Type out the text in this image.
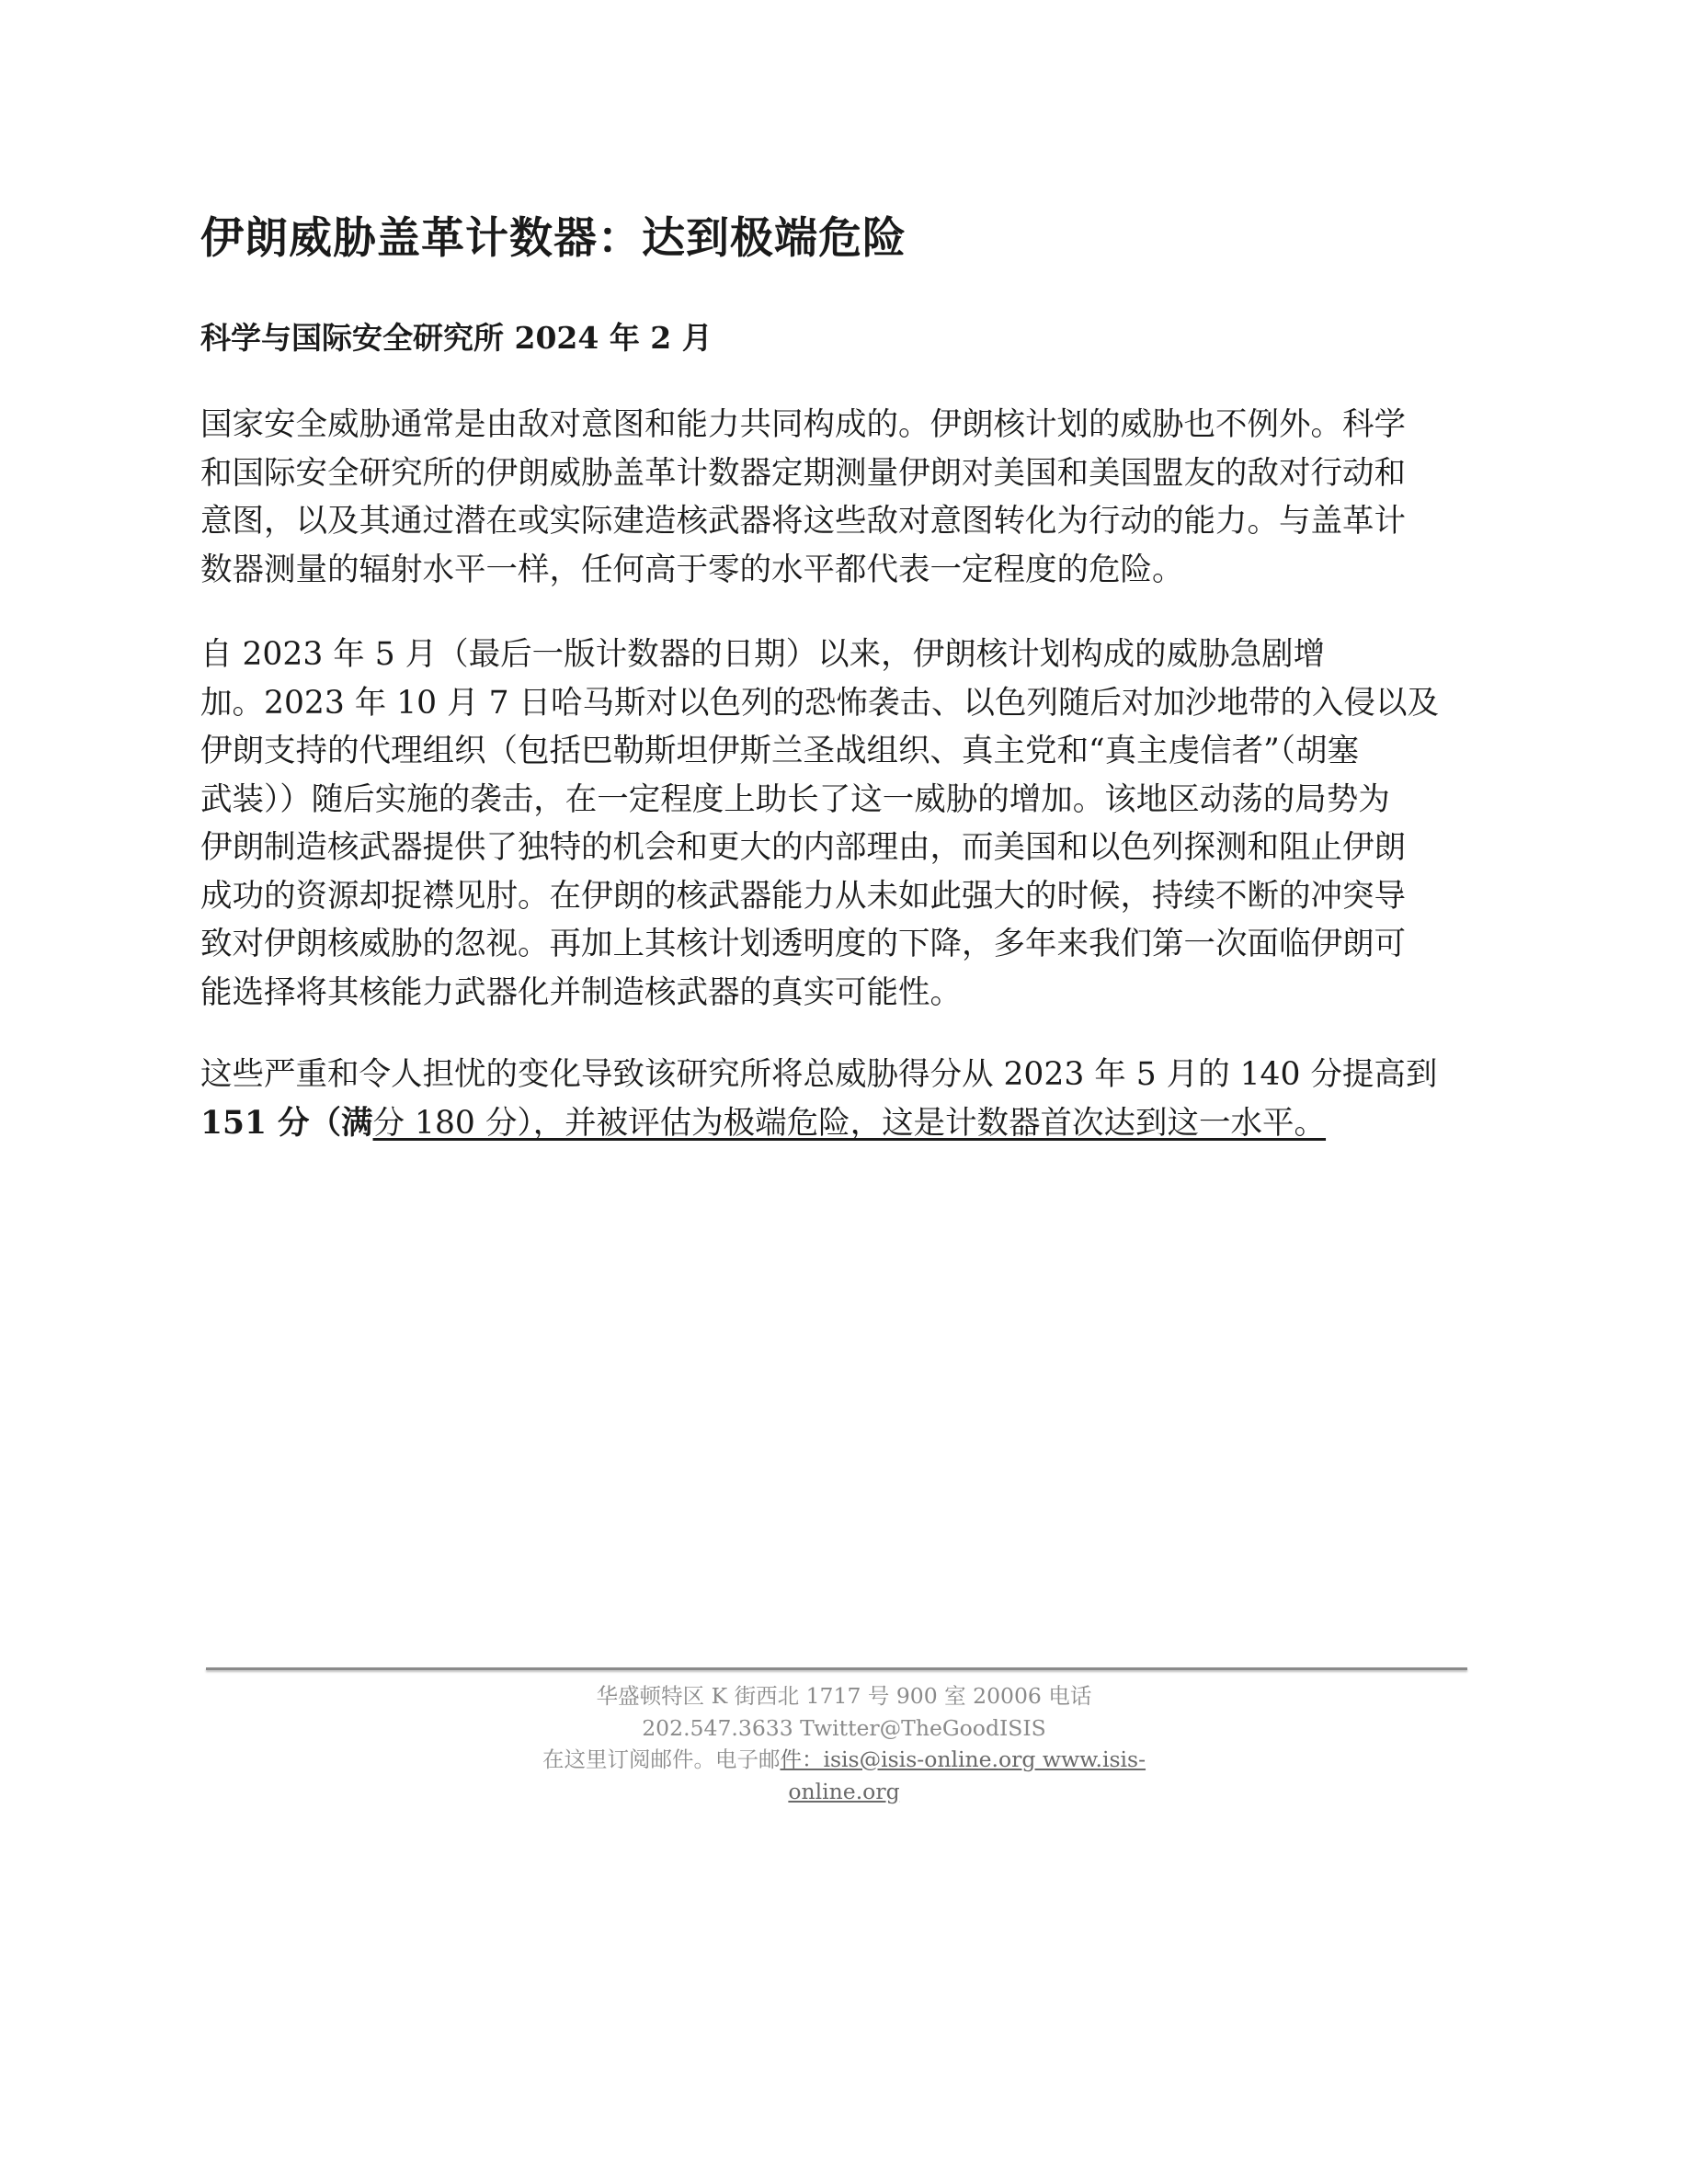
伊朗威胁盖革计数器：达到极端危险

科学与国际安全研究所 2024 年 2 月

国家安全威胁通常是由敌对意图和能力共同构成的。伊朗核计划的威胁也不例外。科学
和国际安全研究所的伊朗威胁盖革计数器定期测量伊朗对美国和美国盟友的敌对行动和
意图，以及其通过潜在或实际建造核武器将这些敌对意图转化为行动的能力。与盖革计
数器测量的辐射水平一样，任何高于零的水平都代表一定程度的危险。

自 2023 年 5 月（最后一版计数器的日期）以来，伊朗核计划构成的威胁急剧增
加。2023 年 10 月 7 日哈马斯对以色列的恐怖袭击、以色列随后对加沙地带的入侵以及
伊朗支持的代理组织（包括巴勒斯坦伊斯兰圣战组织、真主党和“真主虔信者”（胡塞
武装））随后实施的袭击，在一定程度上助长了这一威胁的增加。该地区动荡的局势为
伊朗制造核武器提供了独特的机会和更大的内部理由，而美国和以色列探测和阻止伊朗
成功的资源却捉襟见肘。在伊朗的核武器能力从未如此强大的时候，持续不断的冲突导
致对伊朗核威胁的忽视。再加上其核计划透明度的下降，多年来我们第一次面临伊朗可
能选择将其核能力武器化并制造核武器的真实可能性。

这些严重和令人担忧的变化导致该研究所将总威胁得分从 2023 年 5 月的 140 分提高到
151 分（满分 180 分），并被评估为极端危险，这是计数器首次达到这一水平。

华盛顿特区 K 街西北 1717 号 900 室 20006 电话
202.547.3633 Twitter@TheGoodISIS
在这里订阅邮件。电子邮件：isis@isis-online.org www.isis-
online.org
